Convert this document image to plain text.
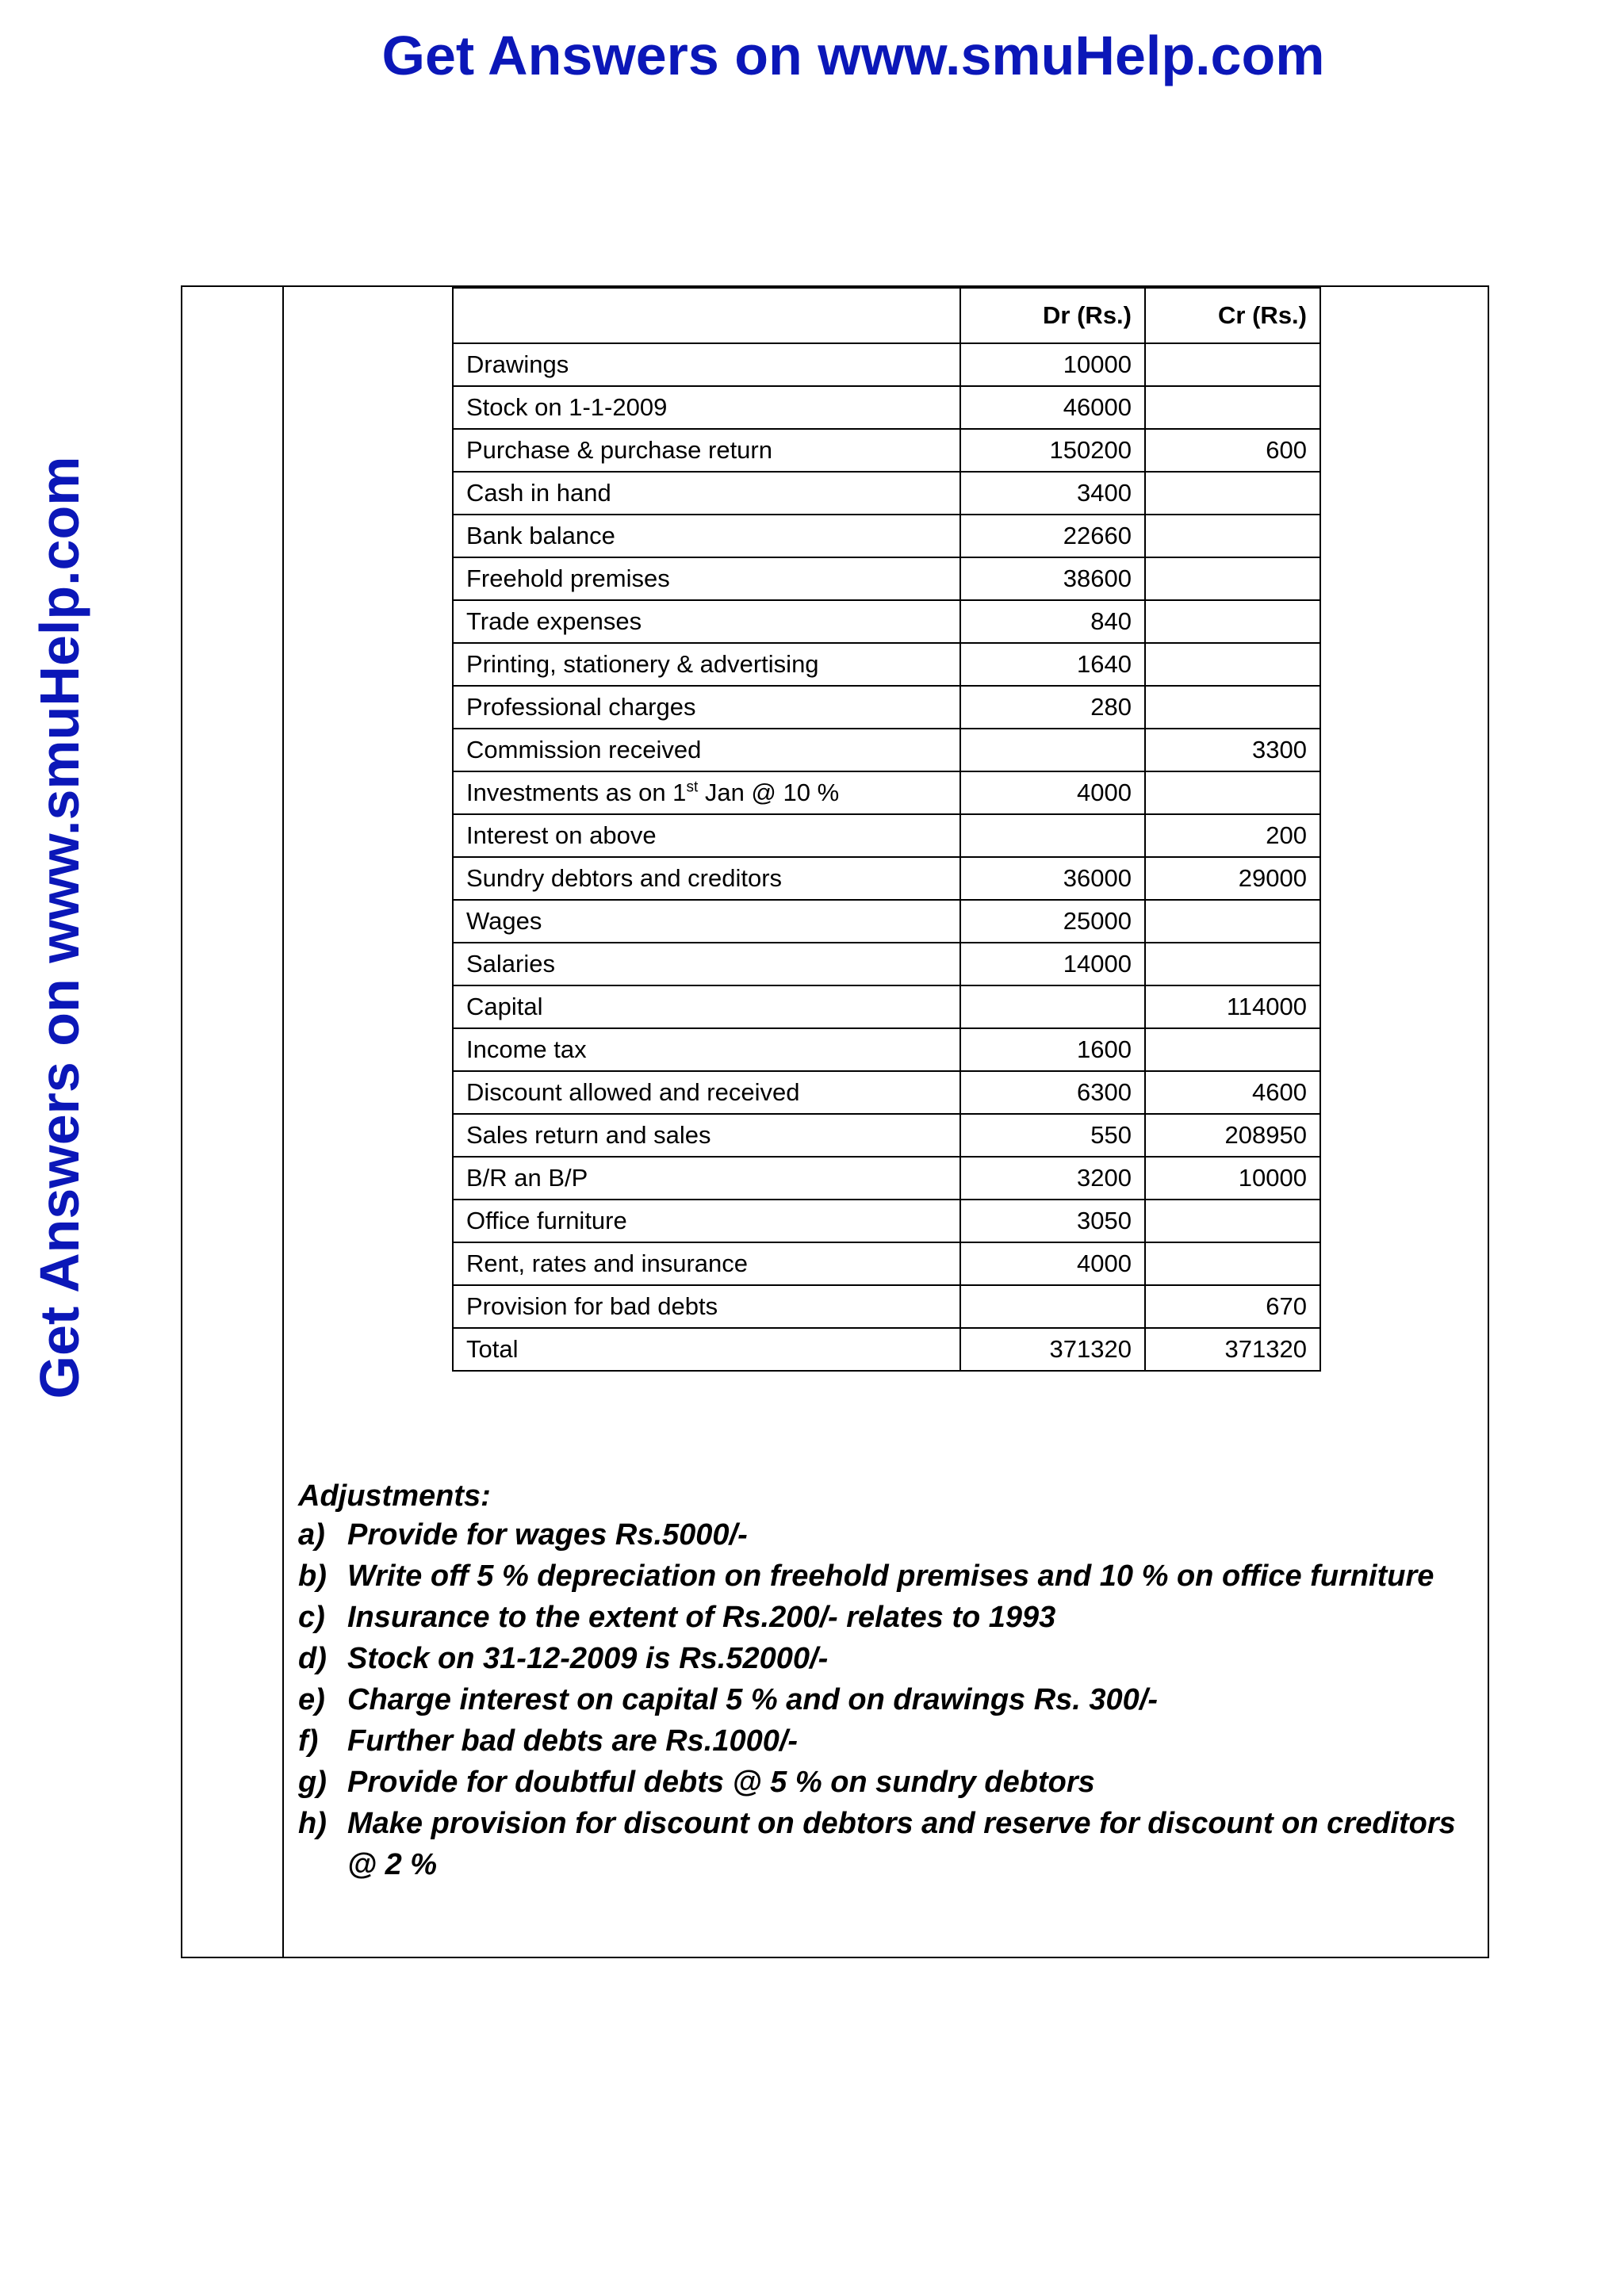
Get Answers on www.smuHelp.com
Get Answers on www.smuHelp.com
	Dr (Rs.)	Cr (Rs.)
Drawings	10000	
Stock on 1-1-2009	46000	
Purchase & purchase return	150200	600
Cash in hand	3400	
Bank balance	22660	
Freehold premises	38600	
Trade expenses	840	
Printing, stationery & advertising	1640	
Professional charges	280	
Commission received		3300
Investments as on 1st Jan @ 10 %	4000	
Interest on above		200
Sundry debtors and creditors	36000	29000
Wages	25000	
Salaries	14000	
Capital		114000
Income tax	1600	
Discount allowed and received	6300	4600
Sales return and sales	550	208950
B/R an B/P	3200	10000
Office furniture	3050	
Rent, rates and insurance	4000	
Provision for bad debts		670
Total	371320	371320
Adjustments:
a) Provide for wages Rs.5000/-
b) Write off 5 % depreciation on freehold premises and 10 % on office furniture
c) Insurance to the extent of Rs.200/- relates to 1993
d) Stock on 31-12-2009 is Rs.52000/-
e) Charge interest on capital 5 % and on drawings Rs. 300/-
f) Further bad debts are Rs.1000/-
g) Provide for doubtful debts @ 5 % on sundry debtors
h) Make provision for discount on debtors and reserve for discount on creditors @ 2 %
